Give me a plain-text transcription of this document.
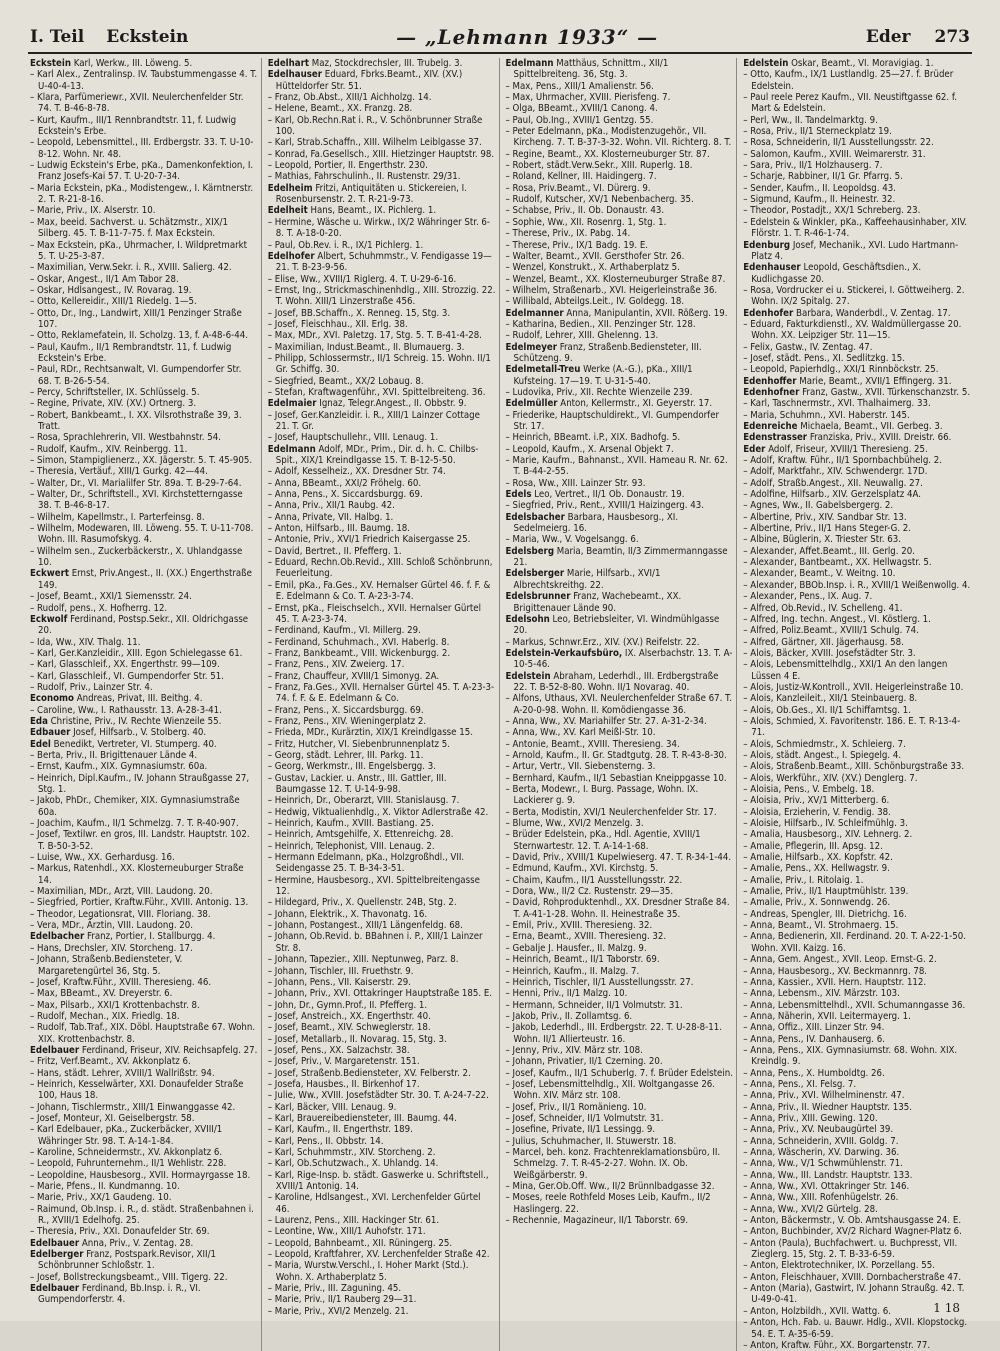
I. Teil Eckstein	— „Lehmann 1933“ —	Eder 273
Eckstein Karl, Werkw., III. Löweng. 5.
– Karl Alex., Zentralinsp. IV. Taubstummengasse 4. T. U-40-4-13.
– Klara, Parfümeriewr., XVII. Neulerchenfelder Str. 74. T. B-46-8-78.
– Kurt, Kaufm., III/1 Rennbrandtstr. 11, f. Ludwig Eckstein's Erbe.
– Leopold, Lebensmittel., III. Erdbergstr. 33. T. U-10-8-12. Wohn. Nr. 48.
– Ludwig Eckstein's Erbe, pKa., Damenkonfektion, I. Franz Josefs-Kai 57. T. U-20-7-34.
– Maria Eckstein, pKa., Modistengew., I. Kärntnerstr. 2. T. R-21-8-16.
– Marie, Priv., IX. Alserstr. 10.
– Max, beeid. Sachverst. u. Schätzmstr., XIX/1 Silberg. 45. T. B-11-7-75. f. Max Eckstein.
– Max Eckstein, pKa., Uhrmacher, I. Wildpretmarkt 5. T. U-25-3-87.
– Maximilian, Verw.Sekr. i. R., XVIII. Salierg. 42.
– Oskar, Angest., II/1 Am Tabor 28.
– Oskar, Hdlsangest., IV. Rovarag. 19.
– Otto, Kellereidir., XIII/1 Riedelg. 1—5.
– Otto, Dr., Ing., Landwirt, XIII/1 Penzinger Straße 107.
– Otto, Reklamefatein, II. Scholzg. 13, f. A-48-6-44.
– Paul, Kaufm., II/1 Rembrandtstr. 11, f. Ludwig Eckstein's Erbe.
– Paul, RDr., Rechtsanwalt, VI. Gumpendorfer Str. 68. T. B-26-5-54.
– Percy, Schriftsteller, IX. Schlüsselg. 5.
– Regine, Private, XIV. (XV.) Ortnerg. 3.
– Robert, Bankbeamt., I. XX. Vilsrothstraße 39, 3. Tratt.
– Rosa, Sprachlehrerin, VII. Westbahnstr. 54.
– Rudolf, Kaufm., XIV. Reinbergg. 11.
– Simon, Stampiglienerz., XX. Jägerstr. 5. T. 45-905.
– Theresia, Vertäuf., XIII/1 Gurkg. 42—44.
– Walter, Dr., VI. Marialilfer Str. 89a. T. B-29-7-64.
– Walter, Dr., Schriftstell., XVI. Kirchstetterngasse 38. T. B-46-8-17.
– Wilhelm, Kapellmstr., I. Parterfeinsg. 8.
– Wilhelm, Modewaren, III. Löweng. 55. T. U-11-708. Wohn. III. Rasumofskyg. 4.
– Wilhelm sen., Zuckerbäckerstr., X. Uhlandgasse 10.
Eckwert Ernst, Priv.Angest., II. (XX.) Engerthstraße 149.
– Josef, Beamt., XXI/1 Siemensstr. 24.
– Rudolf, pens., X. Hofherrg. 12.
Eckwolf Ferdinand, Postsp.Sekr., XII. Oldrichgasse 20.
– Ida, Ww., XIV. Thalg. 11.
– Karl, Ger.Kanzleidir., XIII. Egon Schielegasse 61.
– Karl, Glasschleif., XX. Engerthstr. 99—109.
– Karl, Glasschleif., VI. Gumpendorfer Str. 51.
– Rudolf, Priv., Lainzer Str. 4.
Economo Andreas, Privat, III. Beithg. 4.
– Caroline, Ww., I. Rathausstr. 13. A-28-3-41.
Eda Christine, Priv., IV. Rechte Wienzeile 55.
Edbauer Josef, Hilfsarb., V. Stolberg. 40.
Edel Benedikt, Vertreter, VI. Stumperg. 40.
– Berta, Priv., II. Brigittenauer Lände 4.
– Ernst, Kaufm., XIX. Gymnasiumstr. 60a.
– Heinrich, Dipl.Kaufm., IV. Johann Straußgasse 27, Stg. 1.
– Jakob, PhDr., Chemiker, XIX. Gymnasiumstraße 60a.
– Joachim, Kaufm., II/1 Schmelzg. 7. T. R-40-907.
– Josef, Textilwr. en gros, III. Landstr. Hauptstr. 102. T. B-50-3-52.
– Luise, Ww., XX. Gerhardusg. 16.
– Markus, Ratenhdl., XX. Klosterneuburger Straße 14.
– Maximilian, MDr., Arzt, VIII. Laudong. 20.
– Siegfried, Portier, Kraftw.Führ., XVIII. Antonig. 13.
– Theodor, Legationsrat, VIII. Floriang. 38.
– Vera, MDr., Ärztin, VIII. Laudong. 20.
Edelbacher Franz, Portier, I. Stallburgg. 4.
– Hans, Drechsler, XIV. Storcheng. 17.
– Johann, Straßenb.Bediensteter, V. Margaretengürtel 36, Stg. 5.
– Josef, Kraftw.Führ., XVIII. Theresieng. 46.
– Max, BBeamt., XV. Dreyerstr. 6.
– Max, Pilsarb., XXI/1 Krottenbachstr. 8.
– Rudolf, Mechan., XIX. Friedlg. 18.
– Rudolf, Tab.Traf., XIX. Döbl. Hauptstraße 67. Wohn. XIX. Krottenbachstr. 8.
Edelbauer Ferdinand, Friseur, XIV. Reichsapfelg. 27.
– Fritz, Verf.Beamt., XV. Akkonplatz 6.
– Hans, städt. Lehrer, XVIII/1 Wallrißstr. 94.
– Heinrich, Kesselwärter, XXI. Donaufelder Straße 100, Haus 18.
– Johann, Tischlermstr., XIII/1 Einwanggasse 42.
– Josef, Monteur, XI. Geiselbergstr. 58.
– Karl Edelbauer, pKa., Zuckerbäcker, XVIII/1 Währinger Str. 98. T. A-14-1-84.
– Karoline, Schneidermstr., XV. Akkonplatz 6.
– Leopold, Fuhrunternehm., II/1 Wehlistr. 228.
– Leopoldine, Hausbesorg., XVII. Hormayrgasse 18.
– Marie, Pfens., II. Kundmanng. 10.
– Marie, Priv., XX/1 Gaudeng. 10.
– Raimund, Ob.Insp. i. R., d. städt. Straßenbahnen i. R., XVIII/1 Edelhofg. 25.
– Theresia, Priv., XXI. Donaufelder Str. 69.
Edelbauer Anna, Priv., V. Zentag. 28.
Edelberger Franz, Postspark.Revisor, XII/1 Schönbrunner Schloßstr. 1.
– Josef, Bollstreckungsbeamt., VIII. Tigerg. 22.
Edelbauer Ferdinand, Bb.Insp. i. R., VI. Gumpendorferstr. 4.
Edelhart Maz, Stockdrechsler, III. Trubelg. 3.
Edelhauser Eduard, Fbrks.Beamt., XIV. (XV.) Hütteldorfer Str. 51.
– Franz, Ob.Abst., XIII/1 Aichholzg. 14.
– Helene, Beamt., XX. Franzg. 28.
– Karl, Ob.Rechn.Rat i. R., V. Schönbrunner Straße 100.
– Karl, Strab.Schaffn., XIII. Wilhelm Leiblgasse 37.
– Konrad, Fa.Gesellsch., XIII. Hietzinger Hauptstr. 98.
– Leopold, Portier, II. Engerthstr. 230.
– Mathias, Fahrschulinh., II. Rustenstr. 29/31.
Edelheim Fritzi, Antiquitäten u. Stickereien, I. Rosenbursenstr. 2. T. R-21-9-73.
Edelheit Hans, Beamt., IX. Pichlerg. 1.
– Hermine, Wäsche u. Wirkw., IX/2 Währinger Str. 6-8. T. A-18-0-20.
– Paul, Ob.Rev. i. R., IX/1 Pichlerg. 1.
Edelhofer Albert, Schuhmmstr., V. Fendigasse 19—21. T. B-23-9-56.
– Elise, Ww., XVIII/1 Riglerg. 4. T. U-29-6-16.
– Ernst, Ing., Strickmaschinenhdlg., XIII. Strozzig. 22. T. Wohn. XIII/1 Linzerstraße 456.
– Josef, BB.Schaffn., X. Renneg. 15, Stg. 3.
– Josef, Fleischhau., XII. Erlg. 38.
– Max, MDr., XVI. Paletzg. 17, Stg. 5. T. B-41-4-28.
– Maximilian, Indust.Beamt., II. Blumauerg. 3.
– Philipp, Schlossermstr., II/1 Schreig. 15. Wohn. II/1 Gr. Schiffg. 30.
– Siegfried, Beamt., XX/2 Lobaug. 8.
– Stefan, Kraftwagenführ., XVI. Spittelbreiteng. 36.
Edelmaier Ignaz, Telegr.Angest., II. Obbstr. 9.
– Josef, Ger.Kanzleidir. i. R., XIII/1 Lainzer Cottage 21. T. Gr.
– Josef, Hauptschullehr., VIII. Lenaug. 1.
Edelmann Adolf, MDr., Prim., Dir. d. h. C. Chilbs-Spit., XIX/1 Kreindlgasse 15. T. B-12-5-50.
– Adolf, Kesselheiz., XX. Dresdner Str. 74.
– Anna, BBeamt., XXI/2 Fröhelg. 60.
– Anna, Pens., X. Siccardsburgg. 69.
– Anna, Priv., XII/1 Raubg. 42.
– Anna, Private, VII. Halbg. 1.
– Anton, Hilfsarb., III. Baumg. 18.
– Antonie, Priv., XVI/1 Friedrich Kaisergasse 25.
– David, Bertret., II. Pfefferg. 1.
– Eduard, Rechn.Ob.Revid., XIII. Schloß Schönbrunn, Feuerleitung.
– Emil, pKa., Fa.Ges., XV. Hernalser Gürtel 46. f. F. & E. Edelmann & Co. T. A-23-3-74.
– Ernst, pKa., Fleischselch., XVII. Hernalser Gürtel 45. T. A-23-3-74.
– Ferdinand, Kaufm., VI. Millerg. 29.
– Ferdinand, Schuhmach., XVI. Haberlg. 8.
– Franz, Bankbeamt., VIII. Wickenburgg. 2.
– Franz, Pens., XIV. Zweierg. 17.
– Franz, Chauffeur, XVIII/1 Simonyg. 2A.
– Franz, Fa.Ges., XVII. Hernalser Gürtel 45. T. A-23-3-74. f. F. & E. Edelmann & Co.
– Franz, Pens., X. Siccardsburgg. 69.
– Franz, Pens., XIV. Wieningerplatz 2.
– Frieda, MDr., Kurärztin, XIX/1 Kreindlgasse 15.
– Fritz, Hutcher, VI. Siebenbrunnenplatz 5.
– Georg, städt. Lehrer, III. Parkg. 11.
– Georg, Werkmstr., III. Engelsbergg. 3.
– Gustav, Lackier. u. Anstr., III. Gattler, III. Baumgasse 12. T. U-14-9-98.
– Heinrich, Dr., Oberarzt, VIII. Stanislausg. 7.
– Hedwig, Viktualienhdlg., X. Viktor Adlerstraße 42.
– Heinrich, Kaufm., XVIII. Bastiang. 25.
– Heinrich, Amtsgehilfe, X. Ettenreichg. 28.
– Heinrich, Telephonist, VIII. Lenaug. 2.
– Hermann Edelmann, pKa., Holzgroßhdl., VII. Seidengasse 25. T. B-34-3-51.
– Hermine, Hausbesorg., XVI. Spittelbreitengasse 12.
– Hildegard, Priv., X. Quellenstr. 24B, Stg. 2.
– Johann, Elektrik., X. Thavonatg. 16.
– Johann, Postangest., XIII/1 Längenfeldg. 68.
– Johann, Ob.Revid. b. BBahnen i. P., XIII/1 Lainzer Str. 8.
– Johann, Tapezier., XIII. Neptunweg, Parz. 8.
– Johann, Tischler, III. Fruethstr. 9.
– Johann, Pens., VII. Kaiserstr. 29.
– Johann, Priv., XVI. Ottakringer Hauptstraße 185. E.
– John, Dr., Gymn.Prof., II. Pfefferg. 1.
– Josef, Anstreich., XX. Engerthstr. 40.
– Josef, Beamt., XIV. Schweglerstr. 18.
– Josef, Metallarb., II. Novarag. 15, Stg. 3.
– Josef, Pens., XX. Salzachstr. 38.
– Josef, Priv., V. Margaretenstr. 151.
– Josef, Straßenb.Bediensteter, XV. Felberstr. 2.
– Josefa, Hausbes., II. Birkenhof 17.
– Julie, Ww., XVIII. Josefstädter Str. 30. T. A-24-7-22.
– Karl, Bäcker, VIII. Lenaug. 9.
– Karl, Brauereibediensteter, III. Baumg. 44.
– Karl, Kaufm., II. Engerthstr. 189.
– Karl, Pens., II. Obbstr. 14.
– Karl, Schuhmmstr., XIV. Storcheng. 2.
– Karl, Ob.Schutzwach., X. Uhlandg. 14.
– Karl, Rige-Insp. b. städt. Gaswerke u. Schriftstell., XVIII/1 Antonig. 14.
– Karoline, Hdlsangest., XVI. Lerchenfelder Gürtel 46.
– Laurenz, Pens., XIII. Hackinger Str. 61.
– Leontine, Ww., XIII/1 Auhofstr. 171.
– Leopold, Bahnbeamt., XII. Rüningerg. 25.
– Leopold, Kraftfahrer, XV. Lerchenfelder Straße 42.
– Maria, Wurstw.Verschl., I. Hoher Markt (Std.). Wohn. X. Arthaberplatz 5.
– Marie, Priv., III. Zaguning. 45.
– Marie, Priv., II/1 Rauberg 29—31.
– Marie, Priv., XVI/2 Menzelg. 21.
Edelmann Matthäus, Schnittm., XII/1 Spittelbreiteng. 36, Stg. 3.
– Max, Pens., XIII/1 Amalienstr. 56.
– Max, Uhrmacher, XVIII. Pierisfeng. 7.
– Olga, BBeamt., XVIII/1 Canong. 4.
– Paul, Ob.Ing., XVIII/1 Gentzg. 55.
– Peter Edelmann, pKa., Modistenzugehör., VII. Kircheng. 7. T. B-37-3-32. Wohn. VII. Richterg. 8. T.
– Regine, Beamt., XX. Klosterneuburger Str. 87.
– Robert, städt.Verw.Sekr., XIII. Ruperlg. 18.
– Roland, Kellner, III. Haidingerg. 7.
– Rosa, Priv.Beamt., VI. Dürerg. 9.
– Rudolf, Kutscher, XV/1 Nebenbacherg. 35.
– Schabse, Priv., II. Ob. Donaustr. 43.
– Sophie, Ww., XII. Rosenrg. 1, Stg. 1.
– Therese, Priv., IX. Pabg. 14.
– Therese, Priv., IX/1 Badg. 19. E.
– Walter, Beamt., XVII. Gersthofer Str. 26.
– Wenzel, Konstrukt., X. Arthaberplatz 5.
– Wenzel, Beamt., XX. Klosterneuburger Straße 87.
– Wilhelm, Straßenarb., XVI. Heigerleinstraße 36.
– Willibald, Abteilgs.Leit., IV. Goldegg. 18.
Edelmanner Anna, Manipulantin, XVII. Rößerg. 19.
– Katharina, Bedien., XII. Penzinger Str. 128.
– Rudolf, Lehrer, XIII. Ghelenng. 13.
Edelmeyer Franz, Straßenb.Bediensteter, III. Schützeng. 9.
Edelmetall-Treu Werke (A.-G.), pKa., XIII/1 Kufsteing. 17—19. T. U-31-5-40.
– Ludovika, Priv., XII. Rechte Wienzeile 239.
Edelmüller Anton, Kellermstr., XI. Geyerstr. 17.
– Friederike, Hauptschuldirekt., VI. Gumpendorfer Str. 17.
– Heinrich, BBeamt. i.P., XIX. Badhofg. 5.
– Leopold, Kaufm., X. Arsenal Objekt 7.
– Marie, Kaufm., Bahnanst., XVII. Hameau R. Nr. 62. T. B-44-2-55.
– Rosa, Ww., XIII. Lainzer Str. 93.
Edels Leo, Vertret., II/1 Ob. Donaustr. 19.
– Siegfried, Priv., Rent., XVIII/1 Haizingerg. 43.
Edelsbacher Barbara, Hausbesorg., XI. Sedelmeierg. 16.
– Maria, Ww., V. Vogelsangg. 6.
Edelsberg Maria, Beamtin, II/3 Zimmermanngasse 21.
Edelsberger Marie, Hilfsarb., XVI/1 Albrechtskreithg. 22.
Edelsbrunner Franz, Wachebeamt., XX. Brigittenauer Lände 90.
Edelsohn Leo, Betriebsleiter, VI. Windmühlgasse 20.
– Markus, Schnwr.Erz., XIV. (XV.) Reifelstr. 22.
Edelstein-Verkaufsbüro, IX. Alserbachstr. 13. T. A-10-5-46.
Edelstein Abraham, Lederhdl., III. Erdbergstraße 22. T. B-52-8-80. Wohn. II/1 Novarag. 40.
– Alfons, Uthaus, XVI. Neulerchenfelder Straße 67. T. A-20-0-98. Wohn. II. Komödiengasse 36.
– Anna, Ww., XV. Mariahilfer Str. 27. A-31-2-34.
– Anna, Ww., XV. Karl Meißl-Str. 10.
– Antonie, Beamt., XVIII. Theresieng. 34.
– Arnold, Kaufm., II. Gr. Stadtgutg. 28. T. R-43-8-30.
– Artur, Vertr., VII. Siebensterng. 3.
– Bernhard, Kaufm., II/1 Sebastian Kneippgasse 10.
– Berta, Modewr., I. Burg. Passage, Wohn. IX. Lackierer g. 9.
– Berta, Modistin, XVI/1 Neulerchenfelder Str. 17.
– Blume, Ww., XVI/2 Menzelg. 3.
– Brüder Edelstein, pKa., Hdl. Agentie, XVIII/1 Sternwartestr. 12. T. A-14-1-68.
– David, Priv., XVIII/1 Kupelwieserg. 47. T. R-34-1-44.
– Edmund, Kaufm., XVI. Kirchstg. 5.
– Chaim, Kaufm., II/1 Ausstellungsstr. 22.
– Dora, Ww., II/2 Cz. Rustenstr. 29—35.
– David, Rohproduktenhdl., XX. Dresdner Straße 84. T. A-41-1-28. Wohn. II. Heinestraße 35.
– Emil, Priv., XVIII. Theresieng. 32.
– Erna, Beamt., XVIII. Theresieng. 32.
– Gebalje J. Hausfer., II. Malzg. 9.
– Heinrich, Beamt., II/1 Taborstr. 69.
– Heinrich, Kaufm., II. Malzg. 7.
– Heinrich, Tischler, II/1 Ausstellungsstr. 27.
– Henni, Priv., II/1 Malzg. 10.
– Hermann, Schneider, II/1 Volmutstr. 31.
– Jakob, Priv., II. Zollamtsg. 6.
– Jakob, Lederhdl., III. Erdbergstr. 22. T. U-28-8-11. Wohn. II/1 Allierteustr. 16.
– Jenny, Priv., XIV. März str. 108.
– Johann, Privatier, II/1 Czerning. 20.
– Josef, Kaufm., II/1 Schuberlg. 7. f. Brüder Edelstein.
– Josef, Lebensmittelhdlg., XII. Woltgangasse 26. Wohn. XIV. März str. 108.
– Josef, Priv., II/1 Romänieng. 10.
– Josef, Schneider, II/1 Volmutstr. 31.
– Josefine, Private, II/1 Lessingg. 9.
– Julius, Schuhmacher, II. Stuwerstr. 18.
– Marcel, beh. konz. Frachtenreklamationsbüro, II. Schmelzg. 7. T. R-45-2-27. Wohn. IX. Ob. Weißgärberstr. 9.
– Mina, Ger.Ob.Off. Ww., II/2 Brünnlbadgasse 32.
– Moses, reele Rothfeld Moses Leib, Kaufm., II/2 Haslingerg. 22.
– Rechennie, Magazineur, II/1 Taborstr. 69.
Edelstein Oskar, Beamt., VI. Moravigiag. 1.
– Otto, Kaufm., IX/1 Lustlandlg. 25—27. f. Brüder Edelstein.
– Paul reele Perez Kaufm., VII. Neustiftgasse 62. f. Mart & Edelstein.
– Perl, Ww., II. Tandelmarktg. 9.
– Rosa, Priv., II/1 Sterneckplatz 19.
– Rosa, Schneiderin, II/1 Ausstellungsstr. 22.
– Salomon, Kaufm., XVIII. Weimarerstr. 31.
– Sara, Priv., II/1 Holzhauserg. 7.
– Scharje, Rabbiner, II/1 Gr. Pfarrg. 5.
– Sender, Kaufm., II. Leopoldsg. 43.
– Sigmund, Kaufm., II. Heinestr. 32.
– Theodor, Postadjt., XX/1 Schreberg. 23.
– Edelstein & Winkler, pKa., Kaffeehausinhaber, XIV. Flörstr. 1. T. R-46-1-74.
Edenburg Josef, Mechanik., XVI. Ludo Hartmann-Platz 4.
Edenhauser Leopold, Geschäftsdien., X. Kudlichgasse 20.
– Rosa, Vordrucker ei u. Stickerei, I. Göttweiherg. 2. Wohn. IX/2 Spitalg. 27.
Edenhofer Barbara, Wanderbdl., V. Zentag. 17.
– Eduard, Fakturkdienstl., XV. Waldmüllergasse 20. Wohn. XX. Leipziger Str. 11—15.
– Felix, Gastw., IV. Zentag. 47.
– Josef, städt. Pens., XI. Sedlitzkg. 15.
– Leopold, Papierhdlg., XXI/1 Rinnböckstr. 25.
Edenhoffer Marie, Beamt., XVII/1 Effingerg. 31.
Edenhofner Franz, Gastw., XVII. Türkenschanzstr. 5.
– Karl, Taschnermstr., XVI. Thalhaimerg. 33.
– Maria, Schuhmn., XVI. Haberstr. 145.
Edenreiche Michaela, Beamt., VII. Gerbeg. 3.
Edenstrasser Franziska, Priv., XVIII. Dreistr. 66.
Eder Adolf, Friseur, XVIII/1 Theresieng. 25.
– Adolf, Kraftw. Führ., II/1 Spornbachbühelg. 2.
– Adolf, Marktfahr., XIV. Schwendergr. 17D.
– Adolf, Straßb.Angest., XII. Neuwallg. 27.
– Adolfine, Hilfsarb., XIV. Gerzelsplatz 4A.
– Agnes, Ww., II. Gabelsbergerg. 2.
– Albertine, Priv., XIV. Sandbar Str. 13.
– Albertine, Priv., II/1 Hans Steger-G. 2.
– Albine, Büglerin, X. Triester Str. 63.
– Alexander, Affet.Beamt., III. Gerlg. 20.
– Alexander, Bantbeamt., XX. Hellwagstr. 5.
– Alexander, Beamt., V. Weitng. 10.
– Alexander, BBOb.Insp. i. R., XVIII/1 Weißenwollg. 4.
– Alexander, Pens., IX. Aug. 7.
– Alfred, Ob.Revid., IV. Schelleng. 41.
– Alfred, Ing. techn. Angest., VI. Köstlerg. 1.
– Alfred, Poliz.Beamt., XVIII/1 Schulg. 74.
– Alfred, Gärtner, XII. Jägerhausg. 58.
– Alois, Bäcker, XVIII. Josefstädter Str. 3.
– Alois, Lebensmittelhdlg., XXI/1 An den langen Lüssen 4 E.
– Alois, Justiz-W.Kontroll., XVII. Heigerleinstraße 10.
– Alois, Kanzleileit., XII/1 Steinbauerg. 8.
– Alois, Ob.Ges., XI. II/1 Schiffamtsg. 1.
– Alois, Schmied, X. Favoritenstr. 186. E. T. R-13-4-71.
– Alois, Schmiedmstr., X. Schleierg. 7.
– Alois, städt. Angest., I. Spiegelg. 4.
– Alois, Straßenb.Beamt., XIII. Schönburgstraße 33.
– Alois, Werkführ., XIV. (XV.) Denglerg. 7.
– Aloisia, Pens., V. Embelg. 18.
– Aloisia, Priv., XV/1 Mitterberg. 6.
– Aloisia, Erzieherin, V. Fendig. 38.
– Aloisie, Hilfsarb., IV. Schleifmühlg. 3.
– Amalia, Hausbesorg., XIV. Lehnerg. 2.
– Amalie, Pflegerin, III. Apsg. 12.
– Amalie, Hilfsarb., XX. Kopfstr. 42.
– Amalie, Pens., XX. Hellwagstr. 9.
– Amalie, Priv., I. Ritolaig. 1.
– Amalie, Priv., II/1 Hauptmühlstr. 139.
– Amalie, Priv., X. Sonnwendg. 26.
– Andreas, Spengler, III. Dietrichg. 16.
– Anna, Beamt., VI. Strohmaerg. 15.
– Anna, Bedienerin, XII. Ferdinand. 20. T. A-22-1-50. Wohn. XVII. Kaizg. 16.
– Anna, Gem. Angest., XVII. Leop. Ernst-G. 2.
– Anna, Hausbesorg., XV. Beckmannrg. 78.
– Anna, Kassier., XVII. Hern. Hauptstr. 112.
– Anna, Lebensm., XIV. Märzstr. 103.
– Anna, Lebensmittelhdl., XVII. Schumanngasse 36.
– Anna, Näherin, XVII. Leitermayerg. 1.
– Anna, Offiz., XIII. Linzer Str. 94.
– Anna, Pens., IV. Danhauserg. 6.
– Anna, Pens., XIX. Gymnasiumstr. 68. Wohn. XIX. Kreindlg. 9.
– Anna, Pens., X. Humboldtg. 26.
– Anna, Pens., XI. Felsg. 7.
– Anna, Priv., XVI. Wilhelminenstr. 47.
– Anna, Priv., II. Wiedner Hauptstr. 135.
– Anna, Priv., XIII. Gewing. 120.
– Anna, Priv., XV. Neubaugürtel 39.
– Anna, Schneiderin, XVIII. Goldg. 7.
– Anna, Wäscherin, XV. Darwing. 36.
– Anna, Ww., V/1 Schwmühlenstr. 71.
– Anna, Ww., III. Landstr. Hauptstr. 133.
– Anna, Ww., XVI. Ottakringer Str. 146.
– Anna, Ww., XIII. Rofenhügelstr. 26.
– Anna, Ww., XVI/2 Gürtelg. 28.
– Anton, Bäckermstr., V. Ob. Amtshausgasse 24. E.
– Anton, Buchbinder, XV/2 Richard Wagner-Platz 6.
– Anton (Paula), Buchfachwert. u. Buchpresst, VII. Zieglerg. 15, Stg. 2. T. B-33-6-59.
– Anton, Elektrotechniker, IX. Porzellang. 55.
– Anton, Fleischhauer, XVIII. Dornbacherstraße 47.
– Anton (Maria), Gastwirt, IV. Johann Straußg. 42. T. U-49-0-41.
– Anton, Holzbildh., XVII. Wattg. 6.
– Anton, Hch. Fab. u. Bauwr. Hdlg., XVII. Klopstockg. 54. E. T. A-35-6-59.
– Anton, Kraftw. Führ., XX. Borgartenstr. 77.
1 18
